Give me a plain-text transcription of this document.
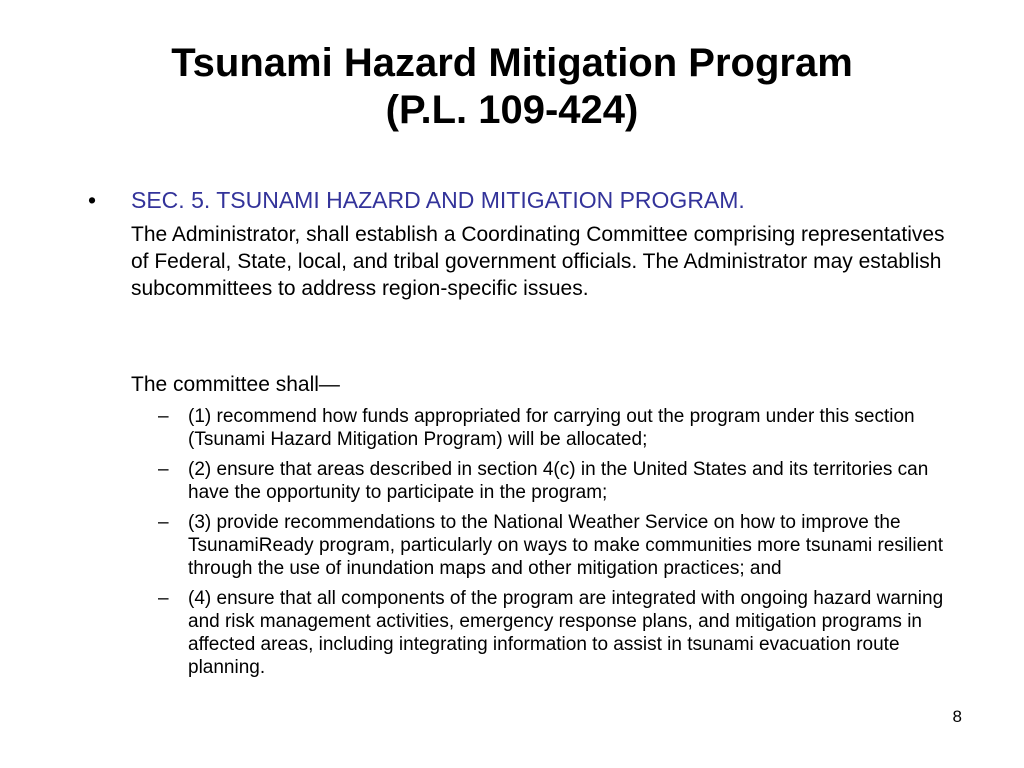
Tsunami Hazard Mitigation Program
(P.L. 109-424)
• SEC. 5. TSUNAMI HAZARD AND MITIGATION PROGRAM.

The Administrator, shall establish a Coordinating Committee comprising representatives of Federal, State, local, and tribal government officials. The Administrator may establish subcommittees to address region-specific issues.

The committee shall—

– (1) recommend how funds appropriated for carrying out the program under this section (Tsunami Hazard Mitigation Program) will be allocated;
– (2) ensure that areas described in section 4(c) in the United States and its territories can have the opportunity to participate in the program;
– (3) provide recommendations to the National Weather Service on how to improve the TsunamiReady program, particularly on ways to make communities more tsunami resilient through the use of inundation maps and other mitigation practices; and
– (4) ensure that all components of the program are integrated with ongoing hazard warning and risk management activities, emergency response plans, and mitigation programs in affected areas, including integrating information to assist in tsunami evacuation route planning.
8
